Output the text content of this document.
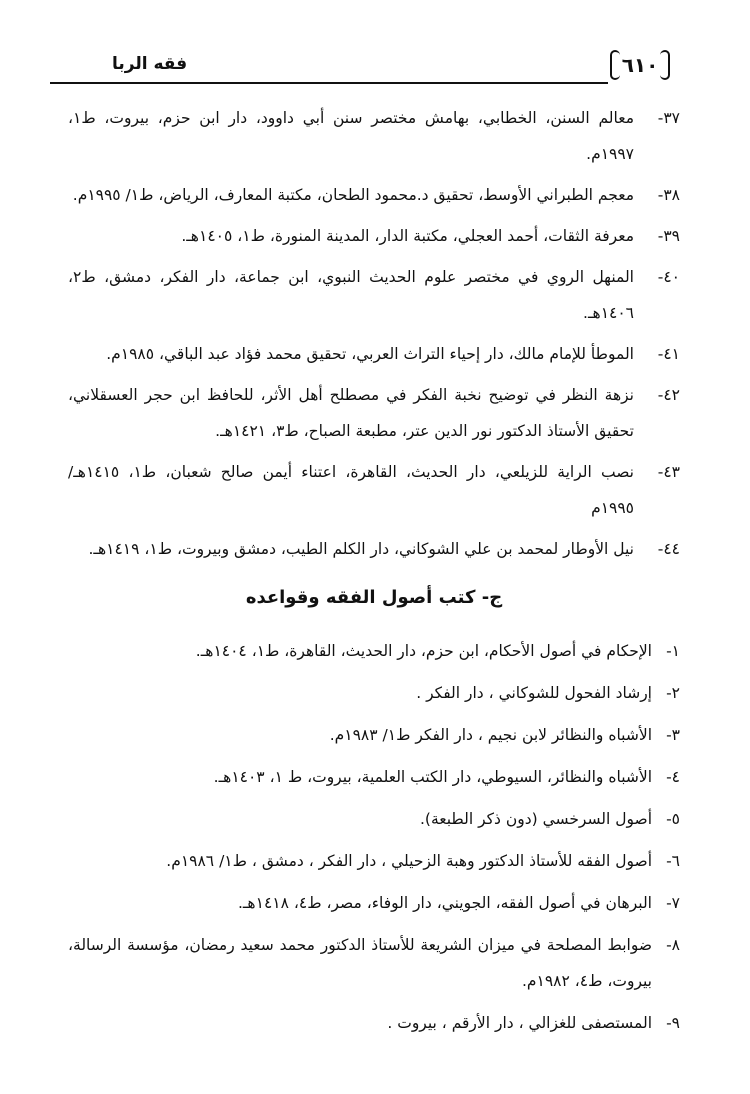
فقه الربا	٦١٠

٣٧-
معالم السنن، الخطابي، بهامش مختصر سنن أبي داوود، دار ابن حزم، بيروت، ط١، ١٩٩٧م.

٣٨-
معجم الطبراني الأوسط، تحقيق د.محمود الطحان، مكتبة المعارف، الرياض، ط١/ ١٩٩٥م.

٣٩-
معرفة الثقات، أحمد العجلي، مكتبة الدار، المدينة المنورة، ط١، ١٤٠٥هـ.

٤٠-
المنهل الروي في مختصر علوم الحديث النبوي، ابن جماعة، دار الفكر، دمشق، ط٢، ١٤٠٦هـ.

٤١-
الموطأ للإمام مالك، دار إحياء التراث العربي، تحقيق محمد فؤاد عبد الباقي، ١٩٨٥م.

٤٢-
نزهة النظر في توضيح نخبة الفكر في مصطلح أهل الأثر، للحافظ ابن حجر العسقلاني، تحقيق الأستاذ الدكتور نور الدين عتر، مطبعة الصباح، ط٣، ١٤٢١هـ.

٤٣-
نصب الراية للزيلعي، دار الحديث، القاهرة، اعتناء أيمن صالح شعبان، ط١، ١٤١٥هـ/ ١٩٩٥م

٤٤-
نيل الأوطار لمحمد بن علي الشوكاني، دار الكلم الطيب، دمشق وبيروت، ط١، ١٤١٩هـ.

ج- كتب أصول الفقه وقواعده

١-
الإحكام في أصول الأحكام، ابن حزم، دار الحديث، القاهرة، ط١، ١٤٠٤هـ.

٢-
إرشاد الفحول للشوكاني ، دار الفكر .

٣-
الأشباه والنظائر لابن نجيم ، دار الفكر ط١/ ١٩٨٣م.

٤-
الأشباه والنظائر، السيوطي، دار الكتب العلمية، بيروت، ط ١، ١٤٠٣هـ.

٥-
أصول السرخسي (دون ذكر الطبعة).

٦-
أصول الفقه للأستاذ الدكتور وهبة الزحيلي ، دار الفكر ، دمشق ، ط١/ ١٩٨٦م.

٧-
البرهان في أصول الفقه، الجويني، دار الوفاء، مصر، ط٤، ١٤١٨هـ.

٨-
ضوابط المصلحة في ميزان الشريعة للأستاذ الدكتور محمد سعيد رمضان، مؤسسة الرسالة، بيروت، ط٤، ١٩٨٢م.

٩-
المستصفى للغزالي ، دار الأرقم ، بيروت .
